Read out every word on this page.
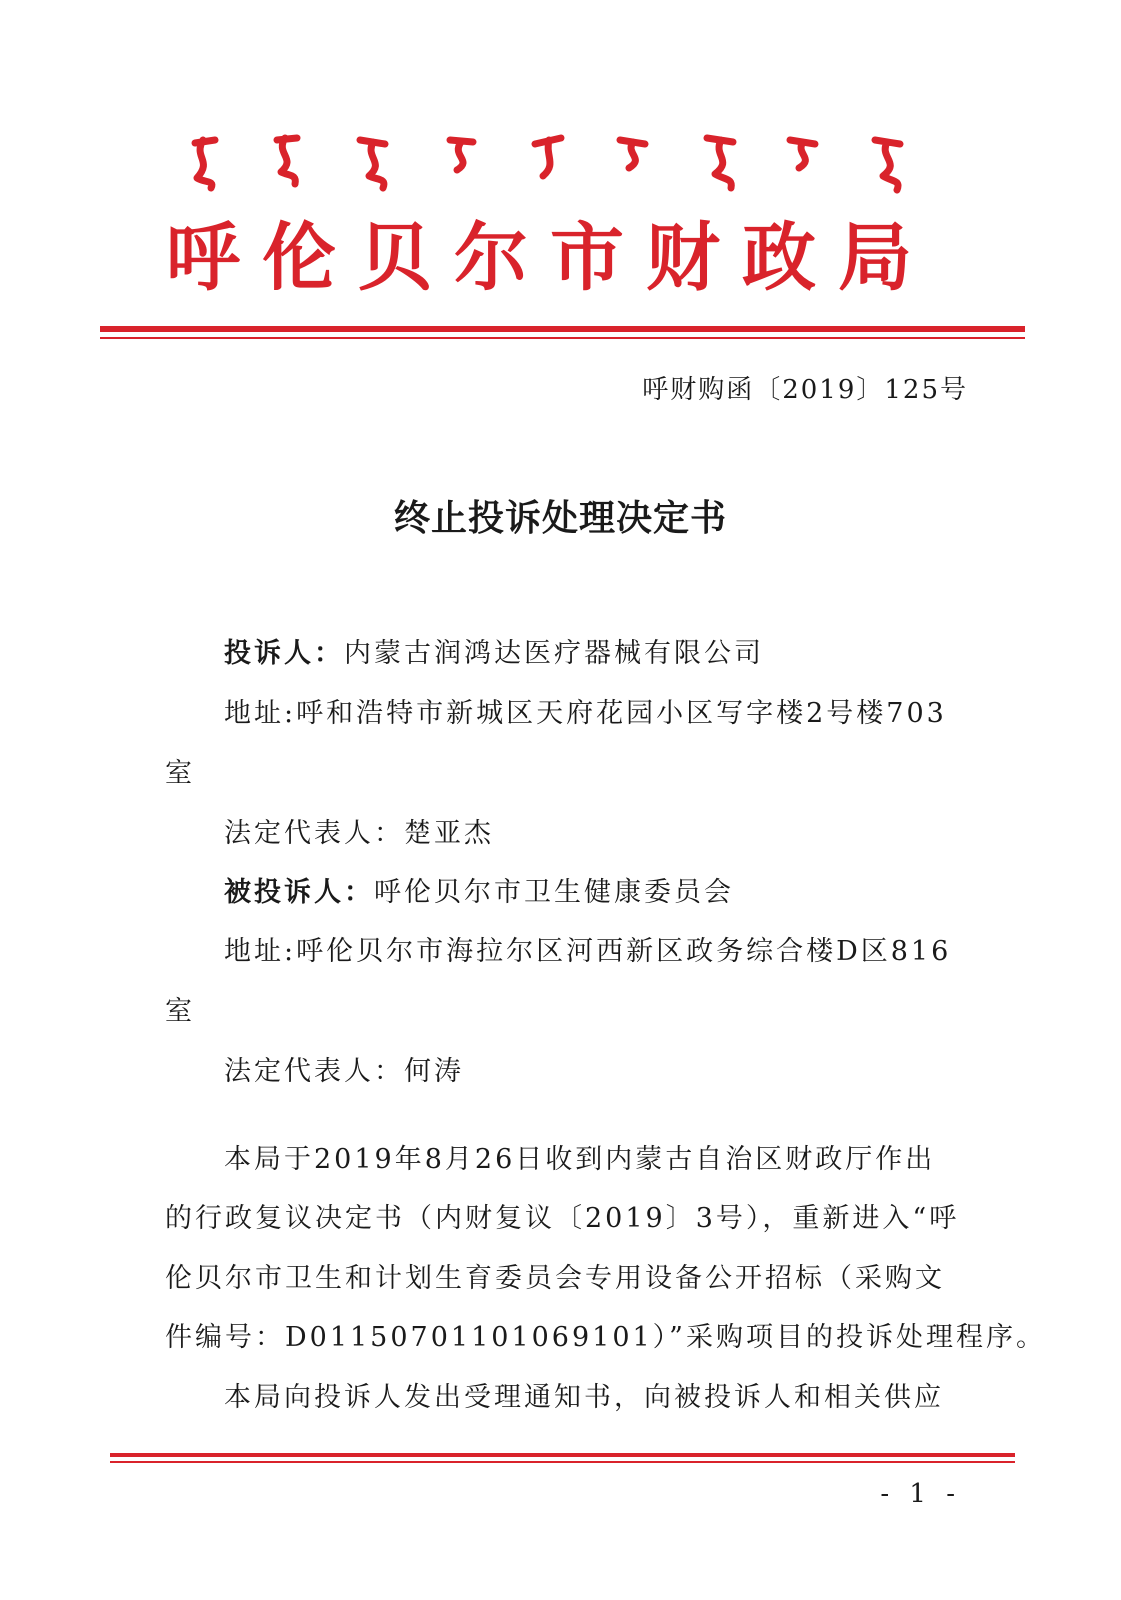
呼伦贝尔市财政局
呼财购函〔2019〕125号
终止投诉处理决定书
投诉人：内蒙古润鸿达医疗器械有限公司
地址:呼和浩特市新城区天府花园小区写字楼2号楼703
室
法定代表人：楚亚杰
被投诉人：呼伦贝尔市卫生健康委员会
地址:呼伦贝尔市海拉尔区河西新区政务综合楼D区816
室
法定代表人：何涛
本局于2019年8月26日收到内蒙古自治区财政厅作出
的行政复议决定书（内财复议〔2019〕3号），重新进入“呼
伦贝尔市卫生和计划生育委员会专用设备公开招标（采购文
件编号：D01150701101069101）”采购项目的投诉处理程序。
本局向投诉人发出受理通知书，向被投诉人和相关供应
- 1 -
